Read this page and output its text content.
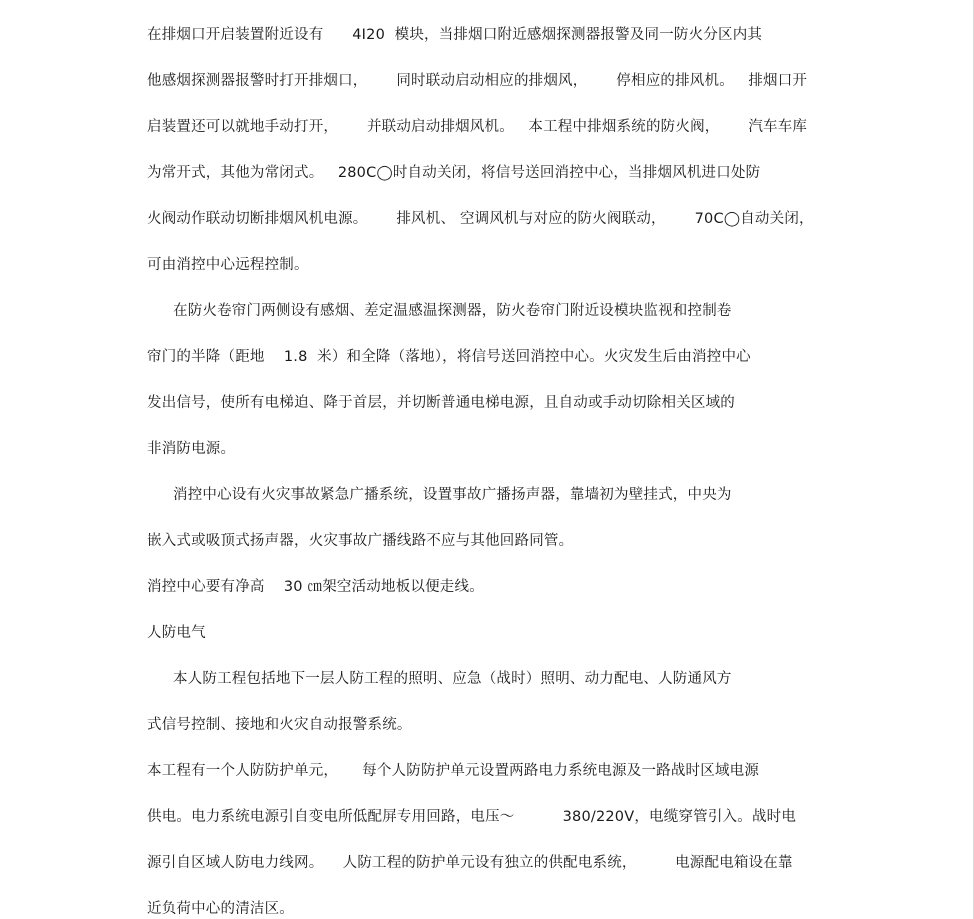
在排烟口开启装置附近设有      4I20  模块，当排烟口附近感烟探测器报警及同一防火分区内其
他感烟探测器报警时打开排烟口，      同时联动启动相应的排烟风，      停相应的排风机。   排烟口开
启装置还可以就地手动打开，      并联动启动排烟风机。   本工程中排烟系统的防火阀，      汽车车库
为常开式，其他为常闭式。   280C◯时自动关闭，将信号送回消控中心，当排烟风机进口处防
火阀动作联动切断排烟风机电源。      排风机、 空调风机与对应的防火阀联动，      70C◯自动关闭，
可由消控中心远程控制。
在防火卷帘门两侧设有感烟、差定温感温探测器，防火卷帘门附近设模块监视和控制卷
帘门的半降（距地    1.8  米）和全降（落地），将信号送回消控中心。火灾发生后由消控中心
发出信号，使所有电梯迫、降于首层，并切断普通电梯电源，且自动或手动切除相关区域的
非消防电源。
消控中心设有火灾事故紧急广播系统，设置事故广播扬声器，靠墙初为壁挂式，中央为
嵌入式或吸顶式扬声器，火灾事故广播线路不应与其他回路同管。
消控中心要有净高    30 ㎝架空活动地板以便走线。
人防电气
本人防工程包括地下一层人防工程的照明、应急（战时）照明、动力配电、人防通风方
式信号控制、接地和火灾自动报警系统。
本工程有一个人防防护单元，     每个人防防护单元设置两路电力系统电源及一路战时区域电源
供电。电力系统电源引自变电所低配屏专用回路，电压～          380/220V，电缆穿管引入。战时电
源引自区域人防电力线网。    人防工程的防护单元设有独立的供配电系统，        电源配电箱设在靠
近负荷中心的清洁区。
